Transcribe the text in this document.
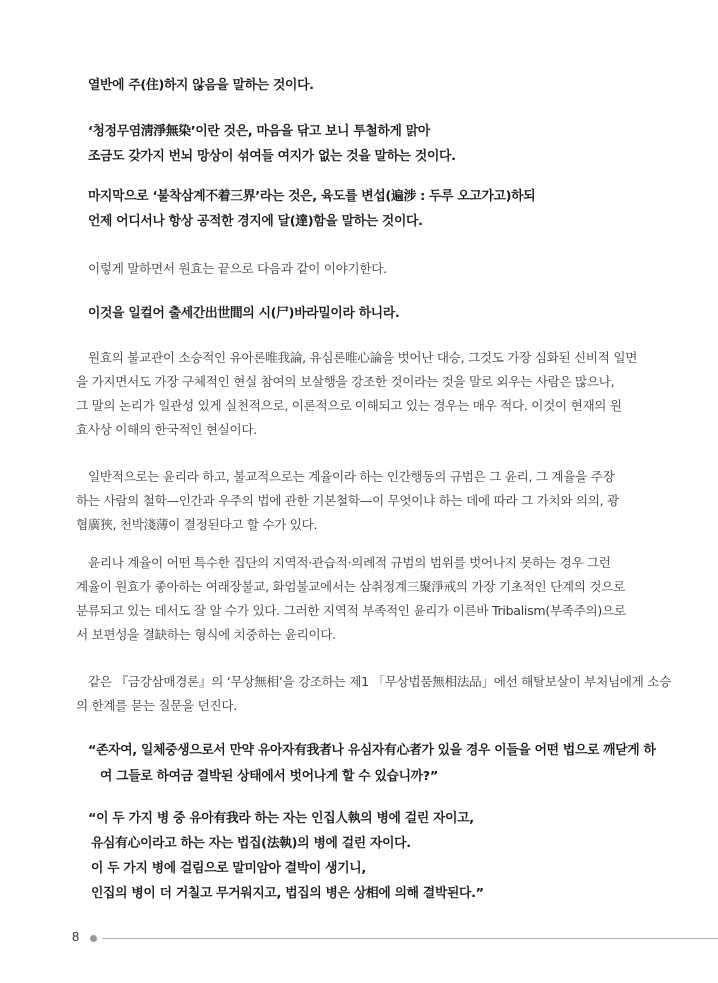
열반에 주(住)하지 않음을 말하는 것이다.

‘청정무염淸淨無染’이란 것은, 마음을 닦고 보니 투철하게 맑아
조금도 갖가지 번뇌 망상이 섞여들 여지가 없는 것을 말하는 것이다.

마지막으로 ‘불착삼계不着三界’라는 것은, 육도를 변섭(遍涉 : 두루 오고가고)하되
언제 어디서나 항상 공적한 경지에 달(達)함을 말하는 것이다.

이렇게 말하면서 원효는 끝으로 다음과 같이 이야기한다.

이것을 일컬어 출세간出世間의 시(尸)바라밀이라 하니라.

원효의 불교관이 소승적인 유아론唯我論, 유심론唯心論을 벗어난 대승, 그것도 가장 심화된 신비적 일면
을 가지면서도 가장 구체적인 현실 참여의 보살행을 강조한 것이라는 것을 말로 외우는 사람은 많으나,
그 말의 논리가 일관성 있게 실천적으로, 이론적으로 이해되고 있는 경우는 매우 적다. 이것이 현재의 원
효사상 이해의 한국적인 현실이다.

일반적으로는 윤리라 하고, 불교적으로는 계율이라 하는 인간행동의 규범은 그 윤리, 그 계율을 주장
하는 사람의 철학—인간과 우주의 법에 관한 기본철학—이 무엇이냐 하는 데에 따라 그 가치와 의의, 광
협廣狹, 천박淺薄이 결정된다고 할 수가 있다.

윤리나 계율이 어떤 특수한 집단의 지역적·관습적·의례적 규범의 범위를 벗어나지 못하는 경우 그런
계율이 원효가 좋아하는 여래장불교, 화엄불교에서는 삼취정계三聚淨戒의 가장 기초적인 단계의 것으로
분류되고 있는 데서도 잘 알 수가 있다. 그러한 지역적 부족적인 윤리가 이른바 Tribalism(부족주의)으로
서 보편성을 결缺하는 형식에 치중하는 윤리이다.

같은 『금강삼매경론』의 ‘무상無相’을 강조하는 제1 「무상법품無相法品」에선 해탈보살이 부처님에게 소승
의 한계를 묻는 질문을 던진다.

“존자여, 일체중생으로서 만약 유아자有我者나 유심자有心者가 있을 경우 이들을 어떤 법으로 깨닫게 하
여 그들로 하여금 결박된 상태에서 벗어나게 할 수 있습니까?”

“이 두 가지 병 중 유아有我라 하는 자는 인집人執의 병에 걸린 자이고,
유심有心이라고 하는 자는 법집(法執)의 병에 걸린 자이다.
이 두 가지 병에 걸림으로 말미암아 결박이 생기니,
인집의 병이 더 거칠고 무거워지고, 법집의 병은 상相에 의해 결박된다.”

8
